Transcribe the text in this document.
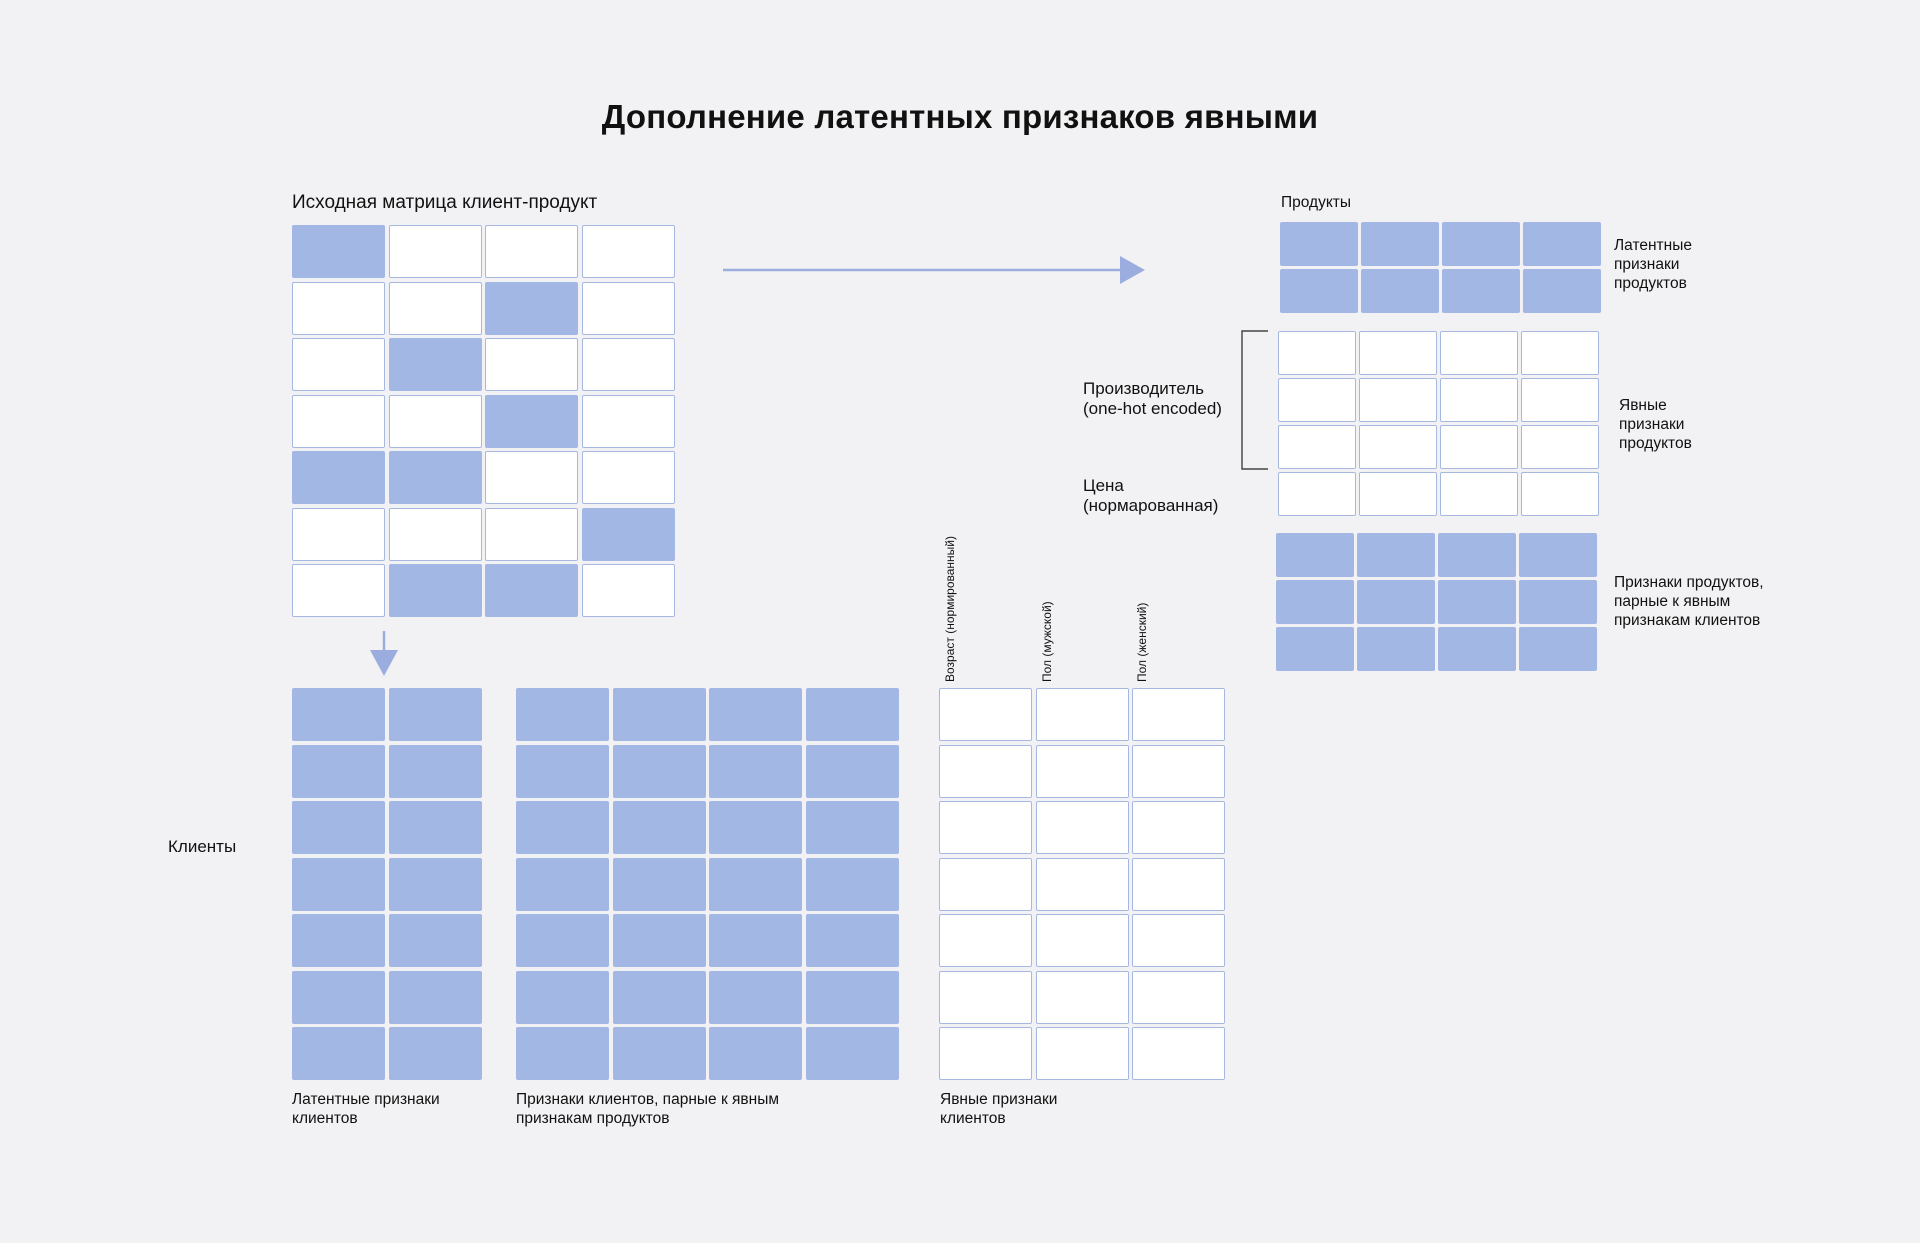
Дополнение латентных признаков явными
Исходная матрица клиент-продукт
Клиенты
Латентные признаки
клиентов
Признаки клиентов, парные к явным
признакам продуктов
Явные признаки
клиентов
Возраст (нормированный)	Пол (мужской)	Пол (женский)
Продукты
Латентные
признаки
продуктов
Явные
признаки
продуктов
Признаки продуктов,
парные к явным
признакам клиентов
Производитель
(one-hot encoded)
Цена
(нормарованная)
